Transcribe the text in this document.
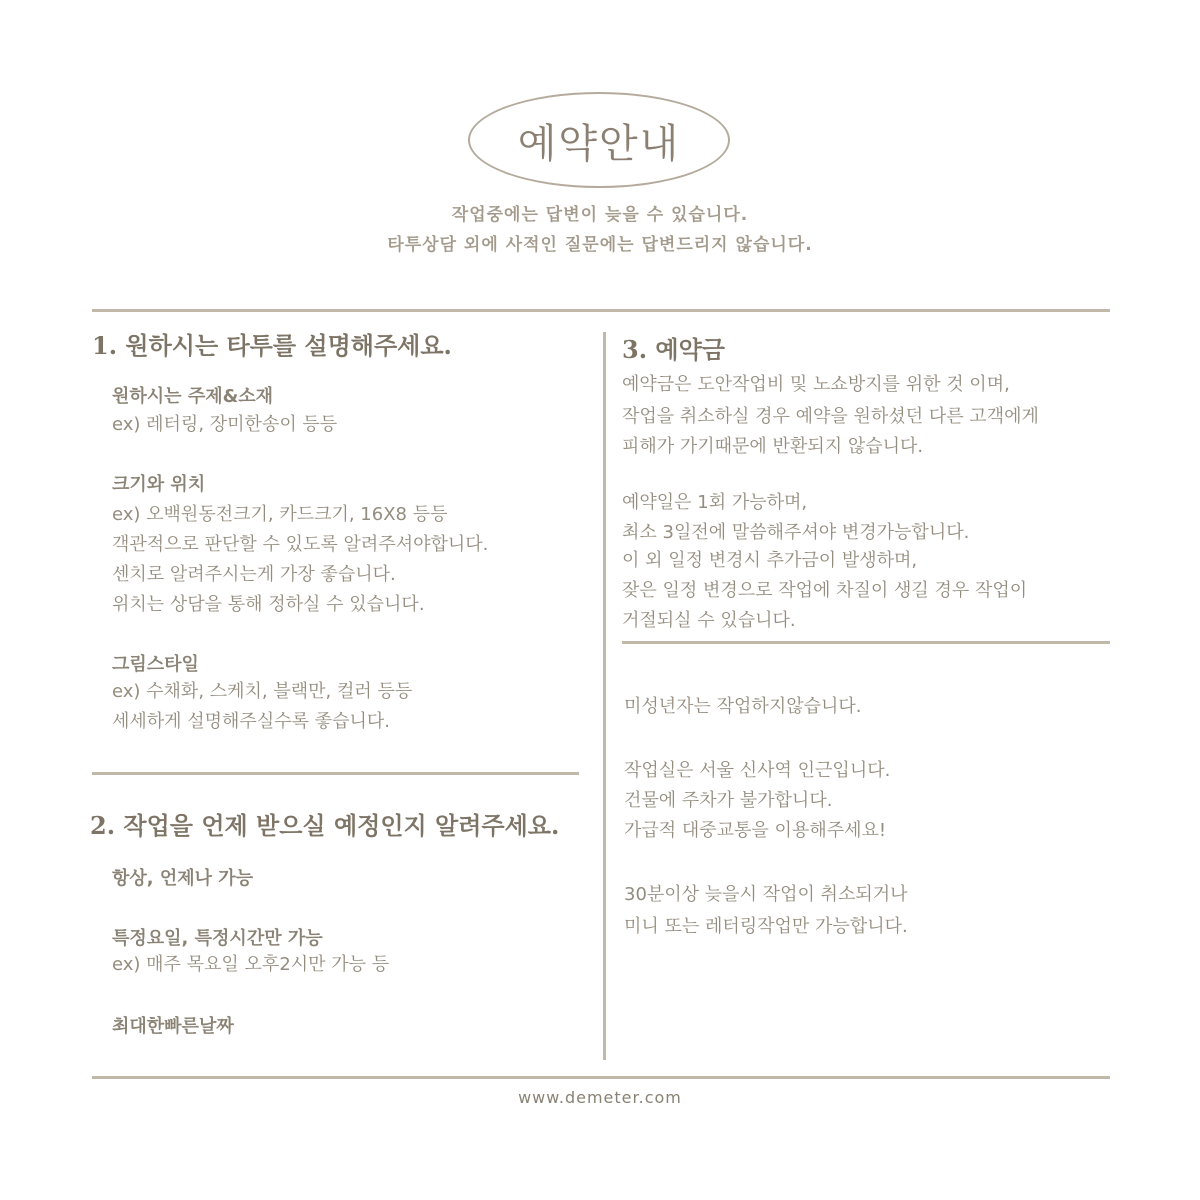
예약안내
작업중에는 답변이 늦을 수 있습니다.
타투상담 외에 사적인 질문에는 답변드리지 않습니다.
1. 원하시는 타투를 설명해주세요.
원하시는 주제&소재
ex) 레터링, 장미한송이 등등
크기와 위치
ex) 오백원동전크기, 카드크기, 16X8 등등
객관적으로 판단할 수 있도록 알려주셔야합니다.
센치로 알려주시는게 가장 좋습니다.
위치는 상담을 통해 정하실 수 있습니다.
그림스타일
ex) 수채화, 스케치, 블랙만, 컬러 등등
세세하게 설명해주실수록 좋습니다.
2. 작업을 언제 받으실 예정인지 알려주세요.
항상, 언제나 가능
특정요일, 특정시간만 가능
ex) 매주 목요일 오후2시만 가능 등
최대한빠른날짜
3. 예약금
예약금은 도안작업비 및 노쇼방지를 위한 것 이며,
작업을 취소하실 경우 예약을 원하셨던 다른 고객에게
피해가 가기때문에 반환되지 않습니다.
예약일은 1회 가능하며,
최소 3일전에 말씀해주셔야 변경가능합니다.
이 외 일정 변경시 추가금이 발생하며,
잦은 일정 변경으로 작업에 차질이 생길 경우 작업이
거절되실 수 있습니다.
미성년자는 작업하지않습니다.
작업실은 서울 신사역 인근입니다.
건물에 주차가 불가합니다.
가급적 대중교통을 이용해주세요!
30분이상 늦을시 작업이 취소되거나
미니 또는 레터링작업만 가능합니다.
www.demeter.com
